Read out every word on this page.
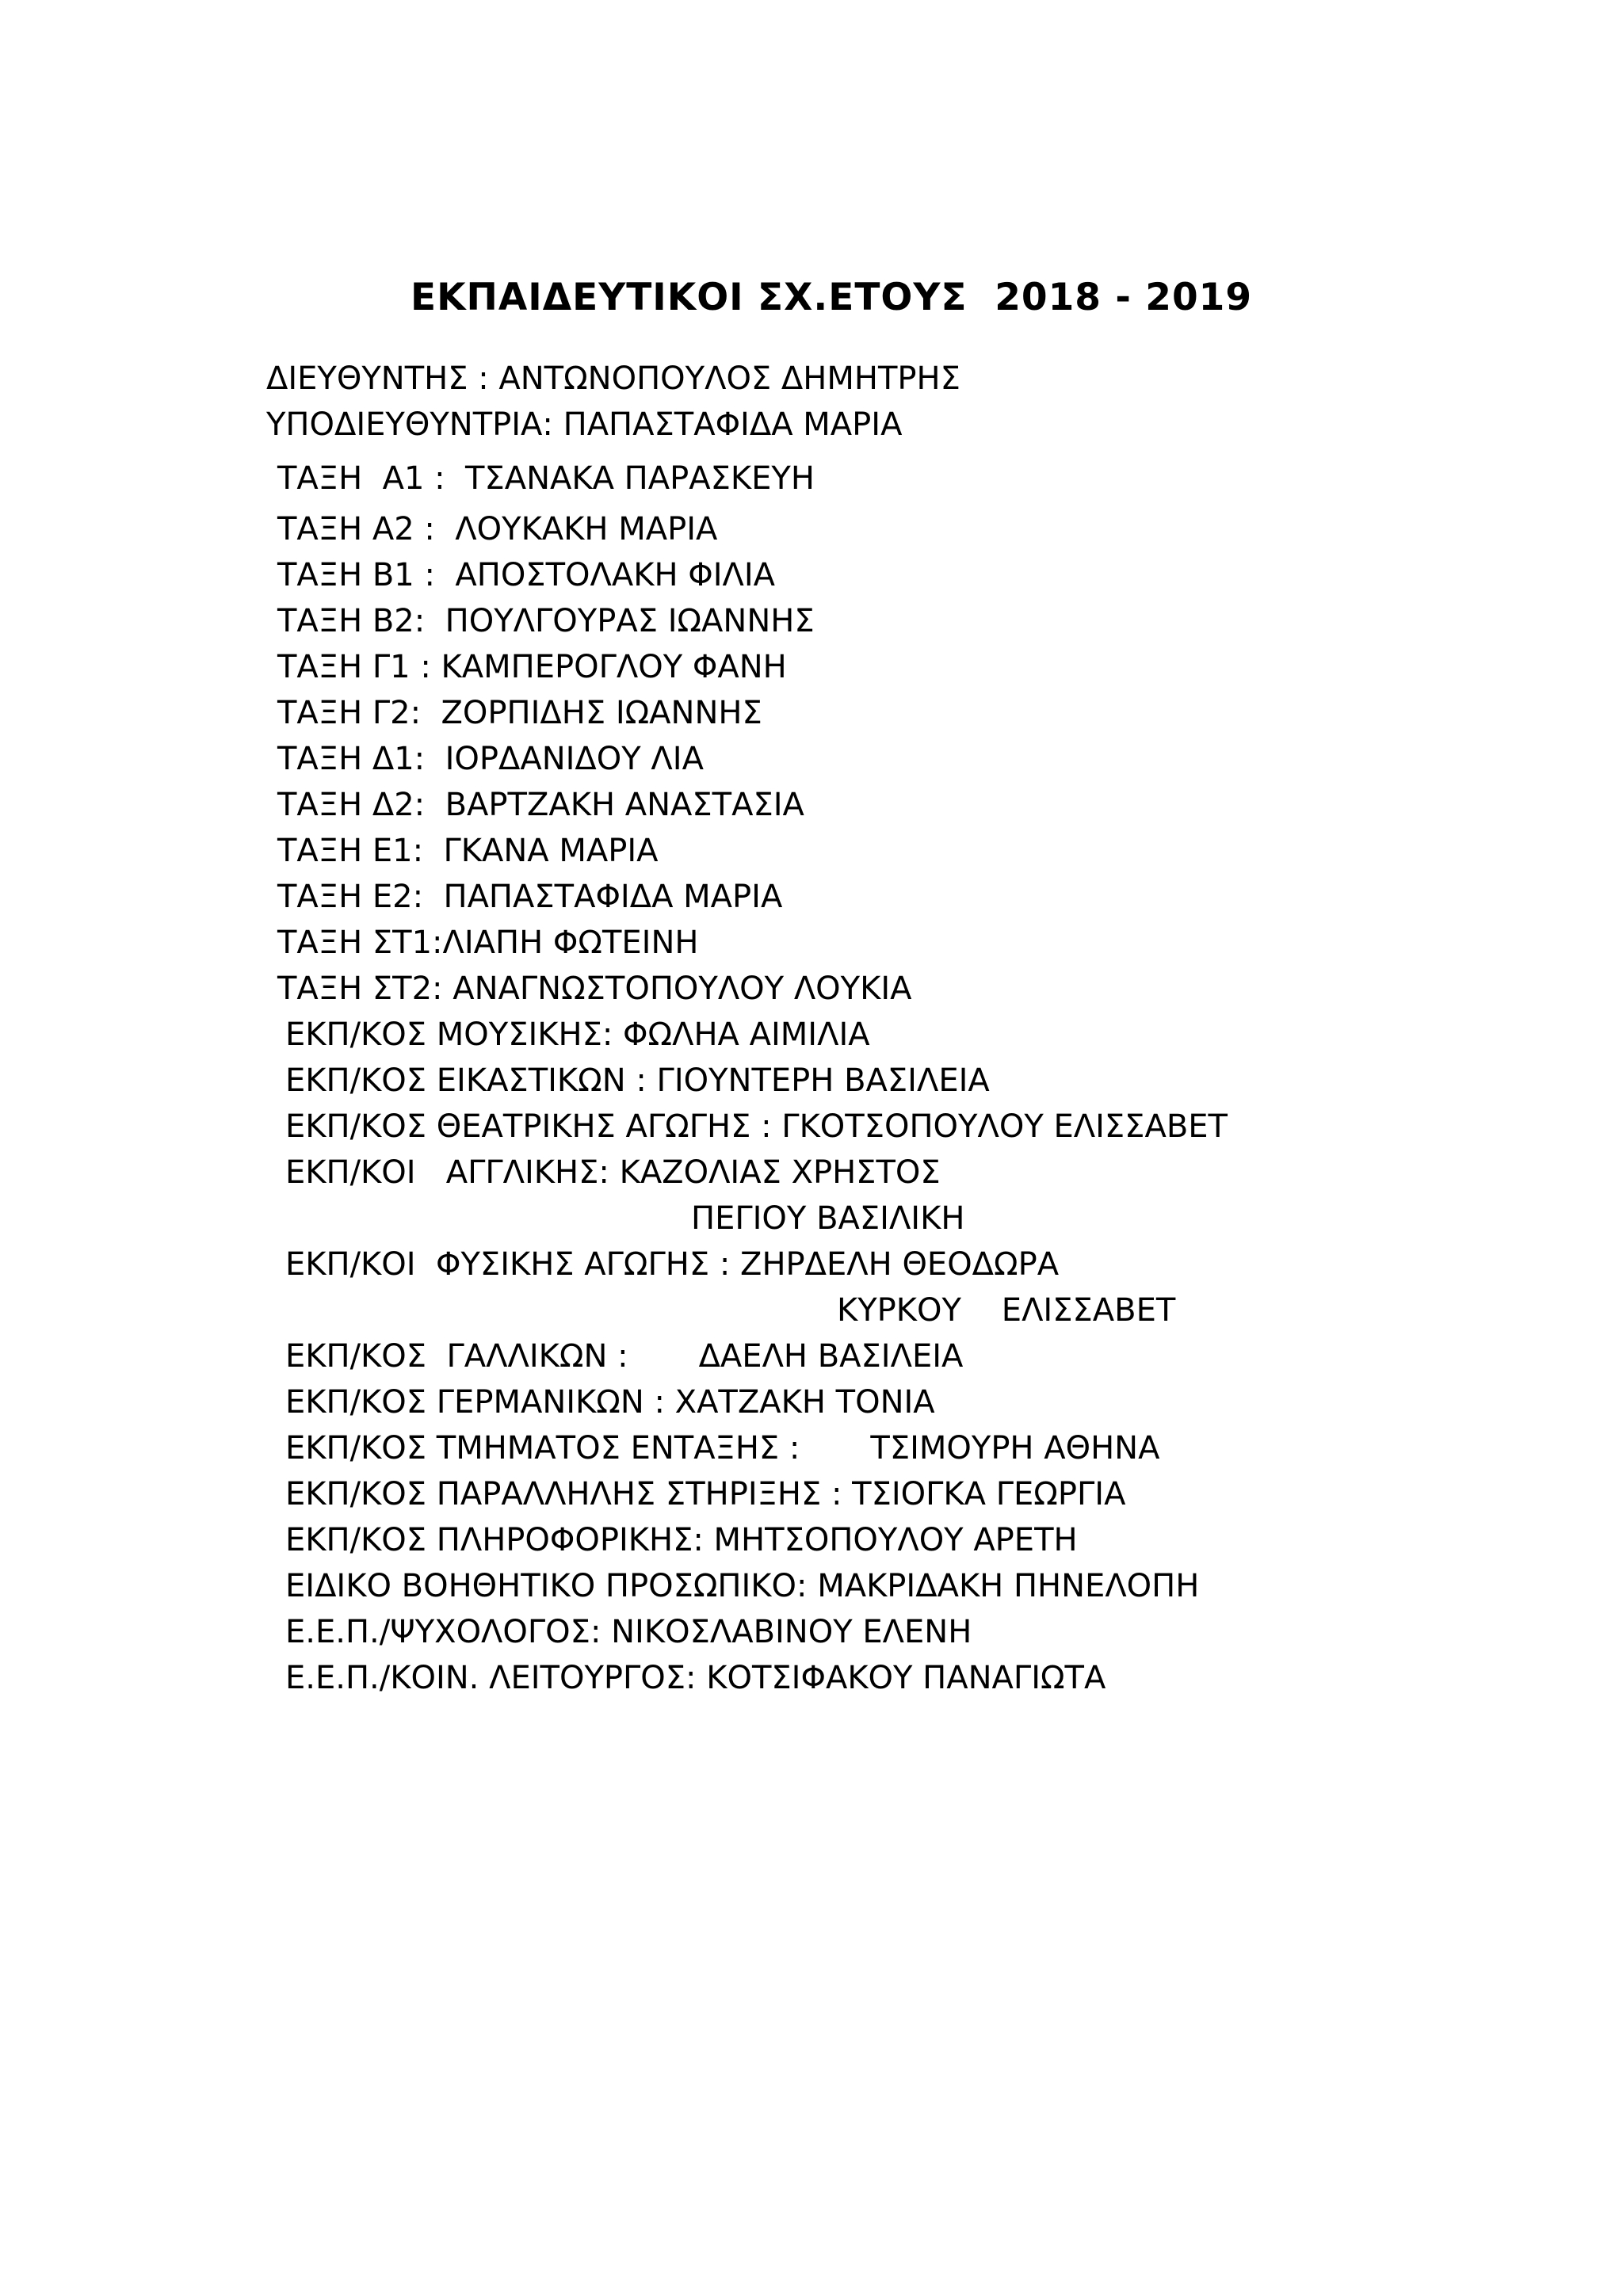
ΕΚΠΑΙΔΕΥΤΙΚΟΙ ΣΧ.ΕΤΟΥΣ  2018 - 2019
ΔΙΕΥΘΥΝΤΗΣ : ΑΝΤΩΝΟΠΟΥΛΟΣ ΔΗΜΗΤΡΗΣ
ΥΠΟΔΙΕΥΘΥΝΤΡΙΑ: ΠΑΠΑΣΤΑΦΙΔΑ ΜΑΡΙΑ
ΤΑΞΗ  Α1 :  ΤΣΑΝΑΚΑ ΠΑΡΑΣΚΕΥΗ
ΤΑΞΗ Α2 :  ΛΟΥΚΑΚΗ ΜΑΡΙΑ
ΤΑΞΗ Β1 :  ΑΠΟΣΤΟΛΑΚΗ ΦΙΛΙΑ
ΤΑΞΗ Β2:  ΠΟΥΛΓΟΥΡΑΣ ΙΩΑΝΝΗΣ
ΤΑΞΗ Γ1 : ΚΑΜΠΕΡΟΓΛΟΥ ΦΑΝΗ
ΤΑΞΗ Γ2:  ΖΟΡΠΙΔΗΣ ΙΩΑΝΝΗΣ
ΤΑΞΗ Δ1:  ΙΟΡΔΑΝΙΔΟΥ ΛΙΑ
ΤΑΞΗ Δ2:  ΒΑΡΤΖΑΚΗ ΑΝΑΣΤΑΣΙΑ
ΤΑΞΗ Ε1:  ΓΚΑΝΑ ΜΑΡΙΑ
ΤΑΞΗ Ε2:  ΠΑΠΑΣΤΑΦΙΔΑ ΜΑΡΙΑ
ΤΑΞΗ ΣΤ1:ΛΙΑΠΗ ΦΩΤΕΙΝΗ
ΤΑΞΗ ΣΤ2: ΑΝΑΓΝΩΣΤΟΠΟΥΛΟΥ ΛΟΥΚΙΑ
ΕΚΠ/ΚΟΣ ΜΟΥΣΙΚΗΣ: ΦΩΛΗΑ ΑΙΜΙΛΙΑ
ΕΚΠ/ΚΟΣ ΕΙΚΑΣΤΙΚΩΝ : ΓΙΟΥΝΤΕΡΗ ΒΑΣΙΛΕΙΑ
ΕΚΠ/ΚΟΣ ΘΕΑΤΡΙΚΗΣ ΑΓΩΓΗΣ : ΓΚΟΤΣΟΠΟΥΛΟΥ ΕΛΙΣΣΑΒΕΤ
ΕΚΠ/ΚΟΙ   ΑΓΓΛΙΚΗΣ: ΚΑΖΟΛΙΑΣ ΧΡΗΣΤΟΣ
ΠΕΓΙΟΥ ΒΑΣΙΛΙΚΗ
ΕΚΠ/ΚΟΙ  ΦΥΣΙΚΗΣ ΑΓΩΓΗΣ : ΖΗΡΔΕΛΗ ΘΕΟΔΩΡΑ
ΚΥΡΚΟΥ    ΕΛΙΣΣΑΒΕΤ
ΕΚΠ/ΚΟΣ  ΓΑΛΛΙΚΩΝ :       ΔΑΕΛΗ ΒΑΣΙΛΕΙΑ
ΕΚΠ/ΚΟΣ ΓΕΡΜΑΝΙΚΩΝ : ΧΑΤΖΑΚΗ ΤΟΝΙΑ
ΕΚΠ/ΚΟΣ ΤΜΗΜΑΤΟΣ ΕΝΤΑΞΗΣ :       ΤΣΙΜΟΥΡΗ ΑΘΗΝΑ
ΕΚΠ/ΚΟΣ ΠΑΡΑΛΛΗΛΗΣ ΣΤΗΡΙΞΗΣ : ΤΣΙΟΓΚΑ ΓΕΩΡΓΙΑ
ΕΚΠ/ΚΟΣ ΠΛΗΡΟΦΟΡΙΚΗΣ: ΜΗΤΣΟΠΟΥΛΟΥ ΑΡΕΤΗ
ΕΙΔΙΚΟ ΒΟΗΘΗΤΙΚΟ ΠΡΟΣΩΠΙΚΟ: ΜΑΚΡΙΔΑΚΗ ΠΗΝΕΛΟΠΗ
Ε.Ε.Π./ΨΥΧΟΛΟΓΟΣ: ΝΙΚΟΣΛΑΒΙΝΟΥ ΕΛΕΝΗ
Ε.Ε.Π./ΚΟΙΝ. ΛΕΙΤΟΥΡΓΟΣ: ΚΟΤΣΙΦΑΚΟΥ ΠΑΝΑΓΙΩΤΑ
